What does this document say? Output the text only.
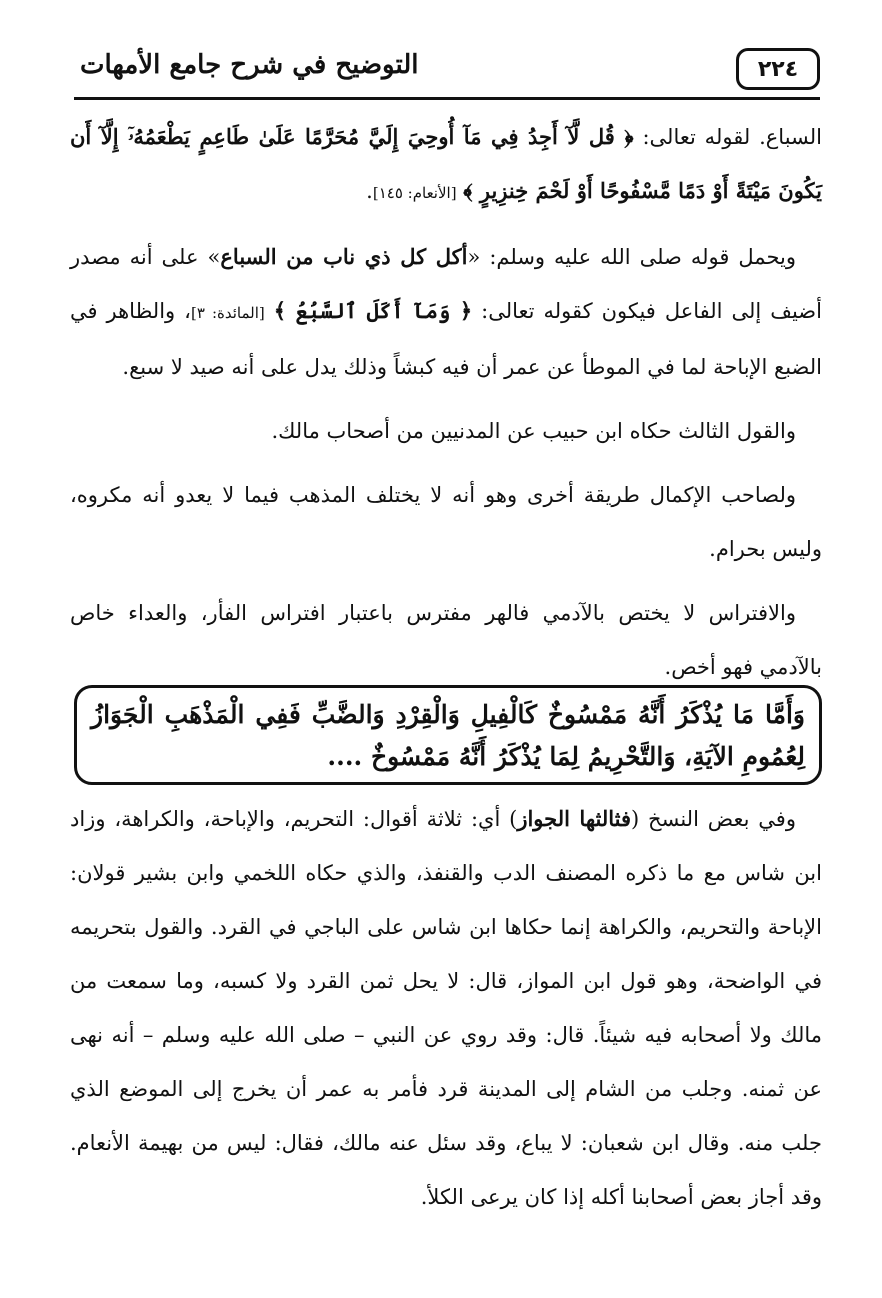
٢٢٤
التوضيح في شرح جامع الأمهات

السباع. لقوله تعالى: ﴿ قُل لَّآ أَجِدُ فِي مَآ أُوحِيَ إِلَيَّ مُحَرَّمًا عَلَىٰ طَاعِمٍ يَطْعَمُهُۥٓ إِلَّآ أَن يَكُونَ مَيْتَةً أَوْ دَمًا مَّسْفُوحًا أَوْ لَحْمَ خِنزِيرٍ ﴾ [الأنعام: ١٤٥].

ويحمل قوله صلى الله عليه وسلم: «أكل كل ذي ناب من السباع» على أنه مصدر أضيف إلى الفاعل فيكون كقوله تعالى: ﴿ وَمَآ أَكَلَ ٱلسَّبُعُ ﴾ [المائدة: ٣]، والظاهر في الضبع الإباحة لما في الموطأ عن عمر أن فيه كبشاً وذلك يدل على أنه صيد لا سبع.

والقول الثالث حكاه ابن حبيب عن المدنيين من أصحاب مالك.

ولصاحب الإكمال طريقة أخرى وهو أنه لا يختلف المذهب فيما لا يعدو أنه مكروه، وليس بحرام.

والافتراس لا يختص بالآدمي فالهر مفترس باعتبار افتراس الفأر، والعداء خاص بالآدمي فهو أخص.

وَأَمَّا مَا يُذْكَرُ أَنَّهُ مَمْسُوخٌ كَالْفِيلِ وَالْقِرْدِ وَالضَّبِّ فَفِي الْمَذْهَبِ الْجَوَازُ لِعُمُومِ الآيَةِ، وَالتَّحْرِيمُ لِمَا يُذْكَرُ أَنَّهُ مَمْسُوخٌ ....

وفي بعض النسخ (فثالثها الجواز) أي: ثلاثة أقوال: التحريم، والإباحة، والكراهة، وزاد ابن شاس مع ما ذكره المصنف الدب والقنفذ، والذي حكاه اللخمي وابن بشير قولان: الإباحة والتحريم، والكراهة إنما حكاها ابن شاس على الباجي في القرد. والقول بتحريمه في الواضحة، وهو قول ابن المواز، قال: لا يحل ثمن القرد ولا كسبه، وما سمعت من مالك ولا أصحابه فيه شيئاً. قال: وقد روي عن النبي – صلى الله عليه وسلم – أنه نهى عن ثمنه. وجلب من الشام إلى المدينة قرد فأمر به عمر أن يخرج إلى الموضع الذي جلب منه. وقال ابن شعبان: لا يباع، وقد سئل عنه مالك، فقال: ليس من بهيمة الأنعام. وقد أجاز بعض أصحابنا أكله إذا كان يرعى الكلأ.
